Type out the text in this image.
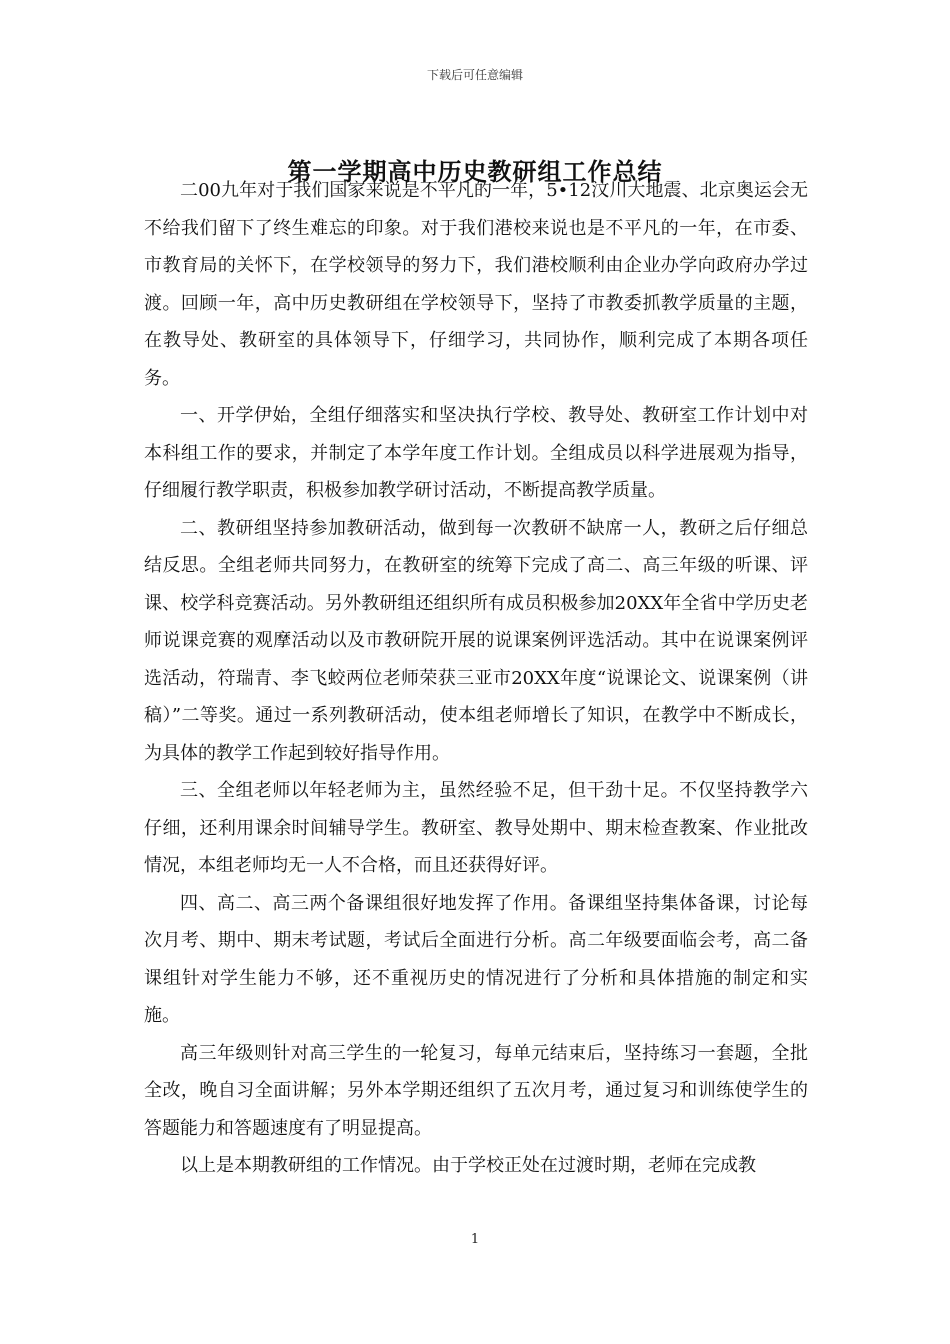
下载后可任意编辑
第一学期高中历史教研组工作总结

二00九年对于我们国家来说是不平凡的一年，5•12汶川大地震、北京奥运会无不给我们留下了终生难忘的印象。对于我们港校来说也是不平凡的一年，在市委、市教育局的关怀下，在学校领导的努力下，我们港校顺利由企业办学向政府办学过渡。回顾一年，高中历史教研组在学校领导下，坚持了市教委抓教学质量的主题，在教导处、教研室的具体领导下，仔细学习，共同协作，顺利完成了本期各项任务。

一、开学伊始，全组仔细落实和坚决执行学校、教导处、教研室工作计划中对本科组工作的要求，并制定了本学年度工作计划。全组成员以科学进展观为指导，仔细履行教学职责，积极参加教学研讨活动，不断提高教学质量。

二、教研组坚持参加教研活动，做到每一次教研不缺席一人，教研之后仔细总结反思。全组老师共同努力，在教研室的统筹下完成了高二、高三年级的听课、评课、校学科竞赛活动。另外教研组还组织所有成员积极参加20XX年全省中学历史老师说课竞赛的观摩活动以及市教研院开展的说课案例评选活动。其中在说课案例评选活动，符瑞青、李飞蛟两位老师荣获三亚市20XX年度“说课论文、说课案例（讲稿）”二等奖。通过一系列教研活动，使本组老师增长了知识，在教学中不断成长，为具体的教学工作起到较好指导作用。

三、全组老师以年轻老师为主，虽然经验不足，但干劲十足。不仅坚持教学六仔细，还利用课余时间辅导学生。教研室、教导处期中、期末检查教案、作业批改情况，本组老师均无一人不合格，而且还获得好评。

四、高二、高三两个备课组很好地发挥了作用。备课组坚持集体备课，讨论每次月考、期中、期末考试题，考试后全面进行分析。高二年级要面临会考，高二备课组针对学生能力不够，还不重视历史的情况进行了分析和具体措施的制定和实施。

高三年级则针对高三学生的一轮复习，每单元结束后，坚持练习一套题，全批全改，晚自习全面讲解；另外本学期还组织了五次月考，通过复习和训练使学生的答题能力和答题速度有了明显提高。

以上是本期教研组的工作情况。由于学校正处在过渡时期，老师在完成教

1
